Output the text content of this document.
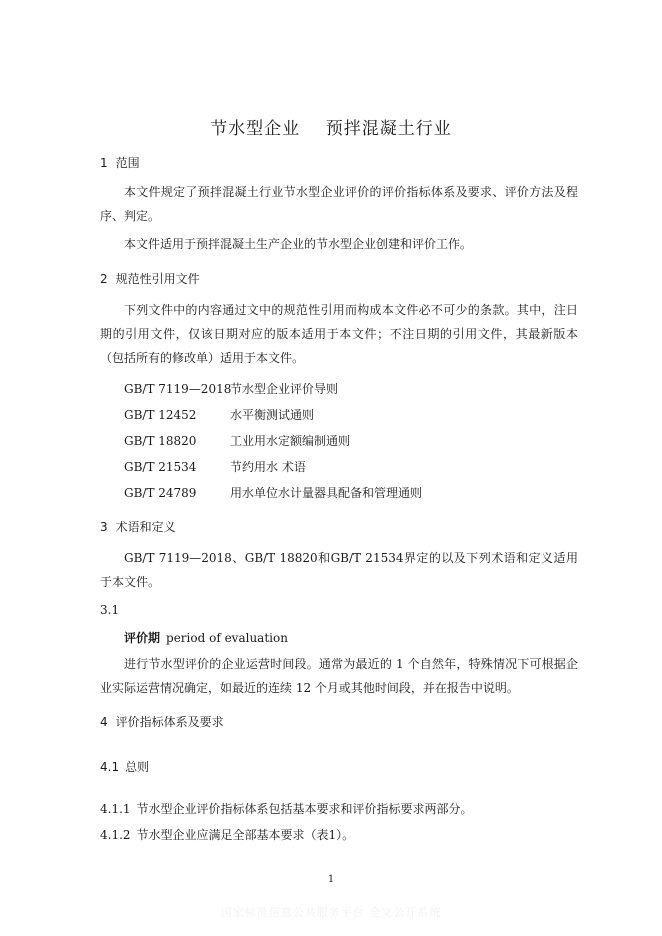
节水型企业    预拌混凝土行业
1 范围
本文件规定了预拌混凝土行业节水型企业评价的评价指标体系及要求、评价方法及程序、判定。
本文件适用于预拌混凝土生产企业的节水型企业创建和评价工作。
2 规范性引用文件
下列文件中的内容通过文中的规范性引用而构成本文件必不可少的条款。其中，注日期的引用文件，仅该日期对应的版本适用于本文件；不注日期的引用文件，其最新版本（包括所有的修改单）适用于本文件。
GB/T 7119—2018节水型企业评价导则
GB/T 12452	水平衡测试通则
GB/T 18820	工业用水定额编制通则
GB/T 21534	节约用水 术语
GB/T 24789	用水单位水计量器具配备和管理通则
3 术语和定义
GB/T 7119—2018、GB/T 18820和GB/T 21534界定的以及下列术语和定义适用于本文件。
3.1
评价期 period of evaluation
进行节水型评价的企业运营时间段。通常为最近的 1 个自然年，特殊情况下可根据企业实际运营情况确定，如最近的连续 12 个月或其他时间段，并在报告中说明。
4 评价指标体系及要求
4.1 总则
4.1.1 节水型企业评价指标体系包括基本要求和评价指标要求两部分。
4.1.2 节水型企业应满足全部基本要求（表1）。
1
国家标准信息公共服务平台 全文公开系统
